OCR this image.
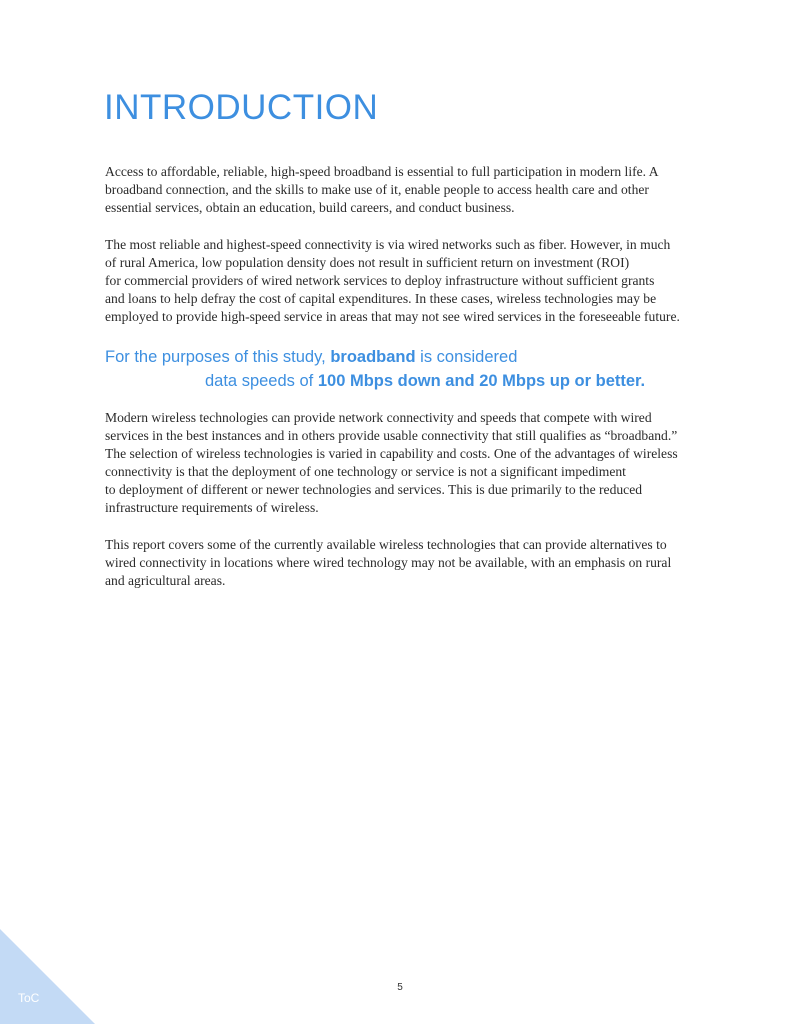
INTRODUCTION

Access to affordable, reliable, high-speed broadband is essential to full participation in modern life. A
broadband connection, and the skills to make use of it, enable people to access health care and other
essential services, obtain an education, build careers, and conduct business.

The most reliable and highest-speed connectivity is via wired networks such as fiber. However, in much
of rural America, low population density does not result in sufficient return on investment (ROI)
for commercial providers of wired network services to deploy infrastructure without sufficient grants
and loans to help defray the cost of capital expenditures. In these cases, wireless technologies may be
employed to provide high-speed service in areas that may not see wired services in the foreseeable future.

For the purposes of this study, broadband is considered
data speeds of 100 Mbps down and 20 Mbps up or better.

Modern wireless technologies can provide network connectivity and speeds that compete with wired
services in the best instances and in others provide usable connectivity that still qualifies as “broadband.”
The selection of wireless technologies is varied in capability and costs. One of the advantages of wireless
connectivity is that the deployment of one technology or service is not a significant impediment
to deployment of different or newer technologies and services. This is due primarily to the reduced
infrastructure requirements of wireless.

This report covers some of the currently available wireless technologies that can provide alternatives to
wired connectivity in locations where wired technology may not be available, with an emphasis on rural
and agricultural areas.

5
ToC
